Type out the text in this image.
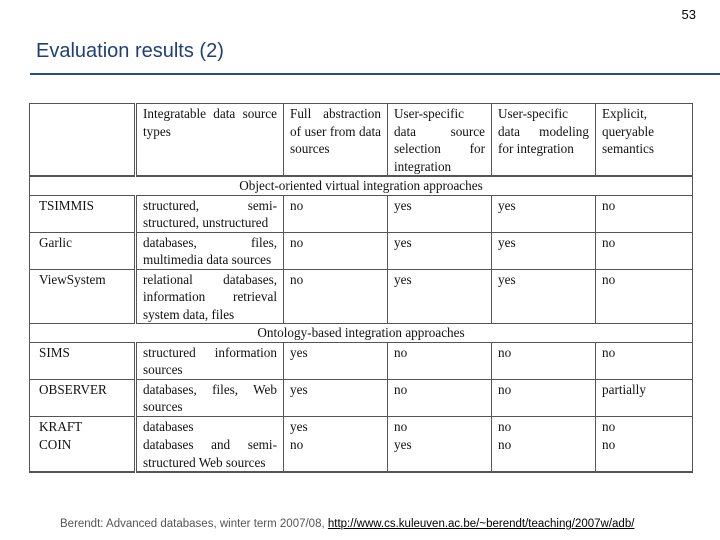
53
Evaluation results (2)
	Integratable data source types	Full abstraction of user from data sources	User-specific data source selection for integration	User-specific data modeling for integration	Explicit, queryable semantics
Object-oriented virtual integration approaches					
TSIMMIS	structured, semi-structured, unstructured	no	yes	yes	no
Garlic	databases, files, multimedia data sources	no	yes	yes	no
ViewSystem	relational databases, information retrieval system data, files	no	yes	yes	no
Ontology-based integration approaches					
SIMS	structured information sources	yes	no	no	no
OBSERVER	databases, files, Web sources	yes	no	no	partially
KRAFT	databases	yes	no	no	no
COIN	databases and semi-structured Web sources	no	yes	no	no
Berendt: Advanced databases, winter term 2007/08, http://www.cs.kuleuven.ac.be/~berendt/teaching/2007w/adb/
